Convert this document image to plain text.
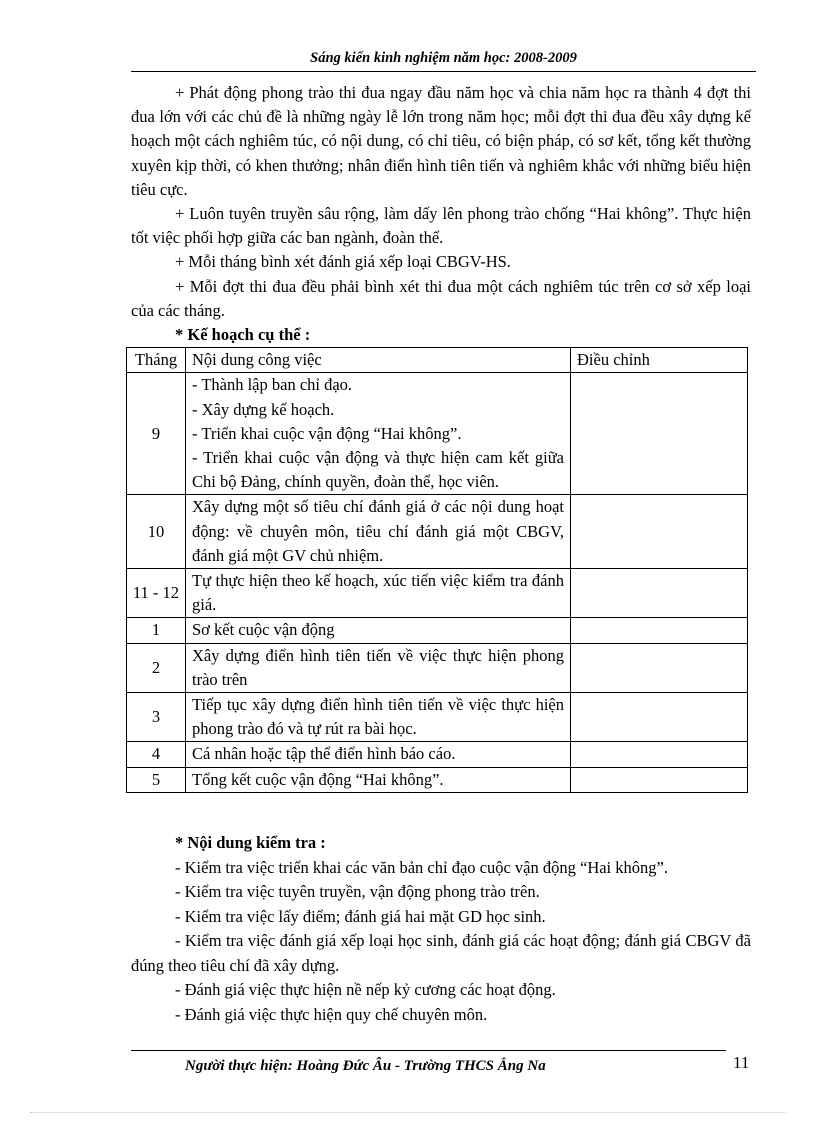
Sáng kiến kinh nghiệm năm học: 2008-2009

+ Phát động phong trào thi đua ngay đầu năm học và chia năm học ra thành 4 đợt thi đua lớn với các chủ đề là những ngày lễ lớn trong năm học; mỗi đợt thi đua đều xây dựng kế hoạch một cách nghiêm túc, có nội dung, có chỉ tiêu, có biện pháp, có sơ kết, tổng kết thường xuyên kịp thời, có khen thưởng; nhân điển hình tiên tiến và nghiêm khắc với những biểu hiện tiêu cực.

+ Luôn tuyên truyền sâu rộng, làm dấy lên phong trào chống “Hai không”. Thực hiện tốt việc phối hợp giữa các ban ngành, đoàn thể.

+ Mỗi tháng bình xét đánh giá xếp loại CBGV-HS.

+ Mỗi đợt thi đua đều phải bình xét thi đua một cách nghiêm túc trên cơ sở xếp loại của các tháng.

* Kế hoạch cụ thể :

Tháng	Nội dung công việc	Điều chỉnh
9	- Thành lập ban chỉ đạo.
- Xây dựng kế hoạch.
- Triển khai cuộc vận động “Hai không”.
- Triển khai cuộc vận động và thực hiện cam kết giữa Chi bộ Đảng, chính quyền, đoàn thể, học viên.	

10	Xây dựng một số tiêu chí đánh giá ở các nội dung hoạt động: về chuyên môn, tiêu chí đánh giá một CBGV, đánh giá một GV chủ nhiệm.	
11 - 12	Tự thực hiện theo kế hoạch, xúc tiến việc kiểm tra đánh giá.	
1	Sơ kết cuộc vận động	
2	Xây dựng điển hình tiên tiến về việc thực hiện phong trào trên	
3	Tiếp tục xây dựng điển hình tiên tiến về việc thực hiện phong trào đó và tự rút ra bài học.	
4	Cá nhân hoặc tập thể điển hình báo cáo.	
5	Tổng kết cuộc vận động “Hai không”.	

* Nội dung kiểm tra :

- Kiểm tra việc triển khai các văn bản chỉ đạo cuộc vận động “Hai không”.

- Kiểm tra việc tuyên truyền, vận động phong trào trên.

- Kiểm tra việc lấy điểm; đánh giá hai mặt GD học sinh.

- Kiểm tra việc đánh giá xếp loại học sinh, đánh giá các hoạt động; đánh giá CBGV đã đúng theo tiêu chí đã xây dựng.

- Đánh giá việc thực hiện nề nếp kỷ cương các hoạt động.

- Đánh giá việc thực hiện quy chế chuyên môn.

Người thực hiện: Hoàng Đức Âu - Trường THCS Ẳng Na	11
